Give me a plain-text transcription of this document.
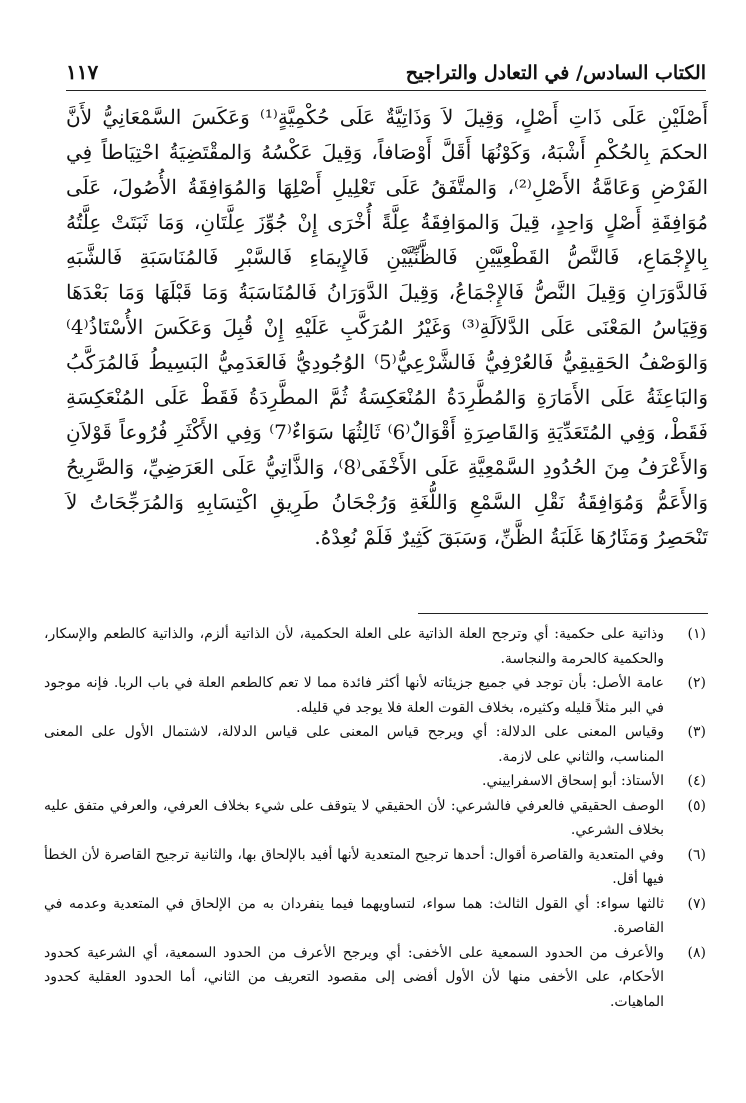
الكتاب السادس/ في التعادل والتراجيح
١١٧
أَصْلَيْنِ عَلَى ذَاتِ أَصْلٍ، وَقِيلَ لاَ وَذَاتِيَّةٌ عَلَى حُكْمِيَّةٍ⁽¹⁾ وَعَكَسَ السَّمْعَانِيُّ لأَنَّ الحكمَ بِالحُكْمِ أَشْبَهُ، وَكَوْنُهَا أَقَلَّ أَوْصَافاً، وَقِيلَ عَكْسُهُ وَالمقْتَضِيَةُ احْتِيَاطاً فِي الفَرْضِ وَعَامَّةُ الأَصْلِ⁽²⁾، وَالمتَّفَقُ عَلَى تَعْلِيلِ أَصْلِهَا وَالمُوَافِقَةُ الأُصُولَ، عَلَى مُوَافِقَةِ أَصْلٍ وَاحِدٍ، قِيلَ وَالموَافِقَةُ عِلَّةً أُخْرَى إِنْ جُوِّزَ عِلَّتَانِ، وَمَا ثَبَتَتْ عِلَّتُهُ بِالإِجْمَاعِ، فَالنَّصُّ القَطْعِيَّيْنِ فَالظَّنِّيَّيْنِ فَالإِيمَاءِ فَالسَّبْرِ فَالمُنَاسَبَةِ فَالشَّبَهِ فَالدَّوَرَانِ وَقِيلَ النَّصُّ فَالإِجْمَاعُ، وَقِيلَ الدَّوَرَانُ فَالمُنَاسَبَةُ وَمَا قَبْلَهَا وَمَا بَعْدَهَا وَقِيَاسُ المَعْنَى عَلَى الدَّلاَلَةِ⁽³⁾ وَغَيْرُ المُرَكَّبِ عَلَيْهِ إِنْ قُبِلَ وَعَكَسَ الأُسْتَاذُ⁽4⁾ وَالوَصْفُ الحَقِيقِيُّ فَالعُرْفِيُّ فَالشَّرْعِيُّ⁽5⁾ الوُجُودِيُّ فَالعَدَمِيُّ البَسِيطُ فَالمُرَكَّبُ وَالبَاعِثَةُ عَلَى الأَمَارَةِ وَالمُطَّرِدَةُ المُنْعَكِسَةُ ثُمَّ المطَّرِدَةُ فَقَطْ عَلَى المُنْعَكِسَةِ فَقَطْ، وَفِي المُتَعَدِّيَةِ وَالقَاصِرَةِ أَقْوَالٌ⁽6⁾ ثَالِثُهَا سَوَاءٌ⁽7⁾ وَفِي الأَكْثَرِ فُرُوعاً قَوْلاَنِ وَالأَعْرَفُ مِنَ الحُدُودِ السَّمْعِيَّةِ عَلَى الأَخْفَى⁽8⁾، وَالذَّاتِيُّ عَلَى العَرَضِيِّ، وَالصَّرِيحُ وَالأَعَمُّ وَمُوَافِقَةُ نَقْلِ السَّمْعِ وَاللُّغَةِ وَرُجْحَانُ طَرِيقِ اكْتِسَابِهِ وَالمُرَجِّحَاتُ لاَ تَنْحَصِرُ وَمَثَارُهَا غَلَبَةُ الظَّنِّ، وَسَبَقَ كَثِيرٌ فَلَمْ نُعِدْهُ.
(١)
وذاتية على حكمية: أي وترجح العلة الذاتية على العلة الحكمية، لأن الذاتية ألزم، والذاتية كالطعم والإسكار، والحكمية كالحرمة والنجاسة.
(٢)
عامة الأصل: بأن توجد في جميع جزيئاته لأنها أكثر فائدة مما لا تعم كالطعم العلة في باب الربا. فإنه موجود في البر مثلاً قليله وكثيره، بخلاف القوت العلة فلا يوجد في قليله.
(٣)
وقياس المعنى على الدلالة: أي ويرجح قياس المعنى على قياس الدلالة، لاشتمال الأول على المعنى المناسب، والثاني على لازمة.
(٤)
الأستاذ: أبو إسحاق الاسفراييني.
(٥)
الوصف الحقيقي فالعرفي فالشرعي: لأن الحقيقي لا يتوقف على شيء بخلاف العرفي، والعرفي متفق عليه بخلاف الشرعي.
(٦)
وفي المتعدية والقاصرة أقوال: أحدها ترجيح المتعدية لأنها أفيد بالإلحاق بها، والثانية ترجيح القاصرة لأن الخطأ فيها أقل.
(٧)
ثالثها سواء: أي القول الثالث: هما سواء، لتساويهما فيما ينفردان به من الإلحاق في المتعدية وعدمه في القاصرة.
(٨)
والأعرف من الحدود السمعية على الأخفى: أي ويرجح الأعرف من الحدود السمعية، أي الشرعية كحدود الأحكام، على الأخفى منها لأن الأول أفضى إلى مقصود التعريف من الثاني، أما الحدود العقلية كحدود الماهيات.
